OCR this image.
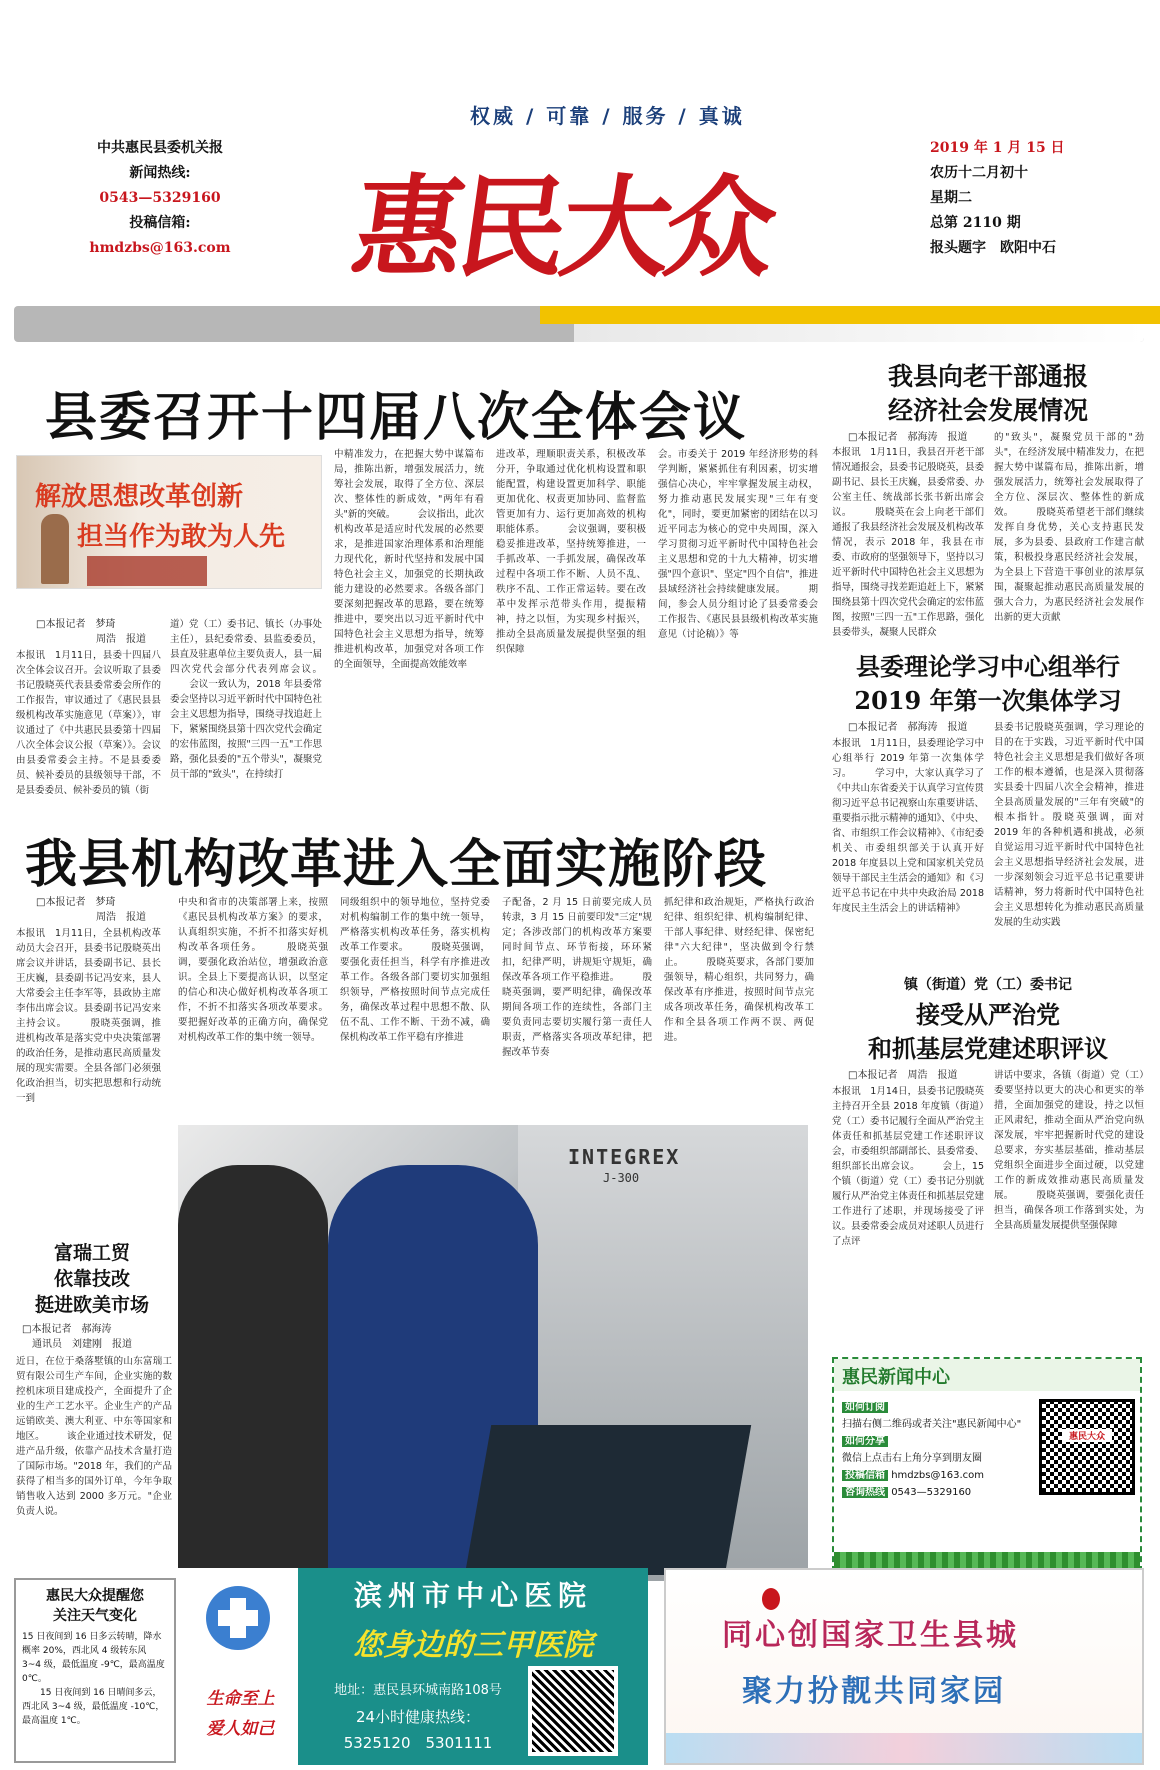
权威 / 可靠 / 服务 / 真诚
中共惠民县委机关报
新闻热线:
0543—5329160
投稿信箱:
hmdzbs@163.com 惠民大众
2019 年 1 月 15 日
农历十二月初十
星期二
总第 2110 期
报头题字　欧阳中石
县委召开十四届八次全体会议
解放思想改革创新
担当作为敢为人先
□本报记者　梦琦
　　　　　　周浩　报道
本报讯　1月11日，县委十四届八次全体会议召开。会议听取了县委书记殷晓英代表县委常委会所作的工作报告，审议通过了《惠民县县级机构改革实施意见（草案）》，审议通过了《中共惠民县委第十四届八次全体会议公报（草案）》。会议由县委常委会主持。不是县委委员、候补委员的县级领导干部，不是县委委员、候补委员的镇（街
道）党（工）委书记、镇长（办事处主任），县纪委常委、县监委委员，县直及驻惠单位主要负责人，县一届四次党代会部分代表列席会议。 　　会议一致认为，2018 年县委常委会坚持以习近平新时代中国特色社会主义思想为指导，围绕寻找追赶上下，紧紧围绕县第十四次党代会确定的宏伟蓝图，按照"三四一五"工作思路，强化县委的"五个带头"，凝聚党员干部的"致头"，在持续打
中精准发力，在把握大势中谋篇布局，推陈出新，增强发展活力，统筹社会发展，取得了全方位、深层次、整体性的新成效，"两年有看头"新的突破。 　　会议指出，此次机构改革是适应时代发展的必然要求，是推进国家治理体系和治理能力现代化，新时代坚持和发展中国特色社会主义，加强党的长期执政能力建设的必然要求。各级各部门要深刻把握改革的思路，要在统筹推进中，要突出以习近平新时代中国特色社会主义思想为指导，统筹推进机构改革，加强党对各项工作的全面领导，全面提高效能效率
进改革，理顺职责关系，积极改革分开，争取通过优化机构设置和职能配置，构建设置更加科学、职能更加优化、权责更加协同、监督监管更加有力、运行更加高效的机构职能体系。 　　会议强调，要积极稳妥推进改革，坚持统筹推进，一手抓改革、一手抓发展，确保改革过程中各项工作不断、人员不乱、秩序不乱、工作正常运转。要在改革中发挥示范带头作用，提振精神，持之以恒，为实现乡村振兴，推动全县高质量发展提供坚强的组织保障
会。市委关于 2019 年经济形势的科学判断，紧紧抓住有利因素，切实增强信心决心，牢牢掌握发展主动权，努力推动惠民发展实现"三年有变化"，同时，要更加紧密的团结在以习近平同志为核心的党中央周围，深入学习贯彻习近平新时代中国特色社会主义思想和党的十九大精神，切实增强"四个意识"、坚定"四个自信"，推进县域经济社会持续健康发展。 　　期间，参会人员分组讨论了县委常委会工作报告、《惠民县县级机构改革实施意见（讨论稿）》等
我县机构改革进入全面实施阶段
□本报记者　梦琦
　　　　　　周浩　报道
本报讯　1月11日，全县机构改革动员大会召开，县委书记殷晓英出席会议并讲话，县委副书记、县长王庆巍，县委副书记冯安来，县人大常委会主任李军等，县政协主席李伟出席会议。县委副书记冯安来主持会议。 　　殷晓英强调，推进机构改革是落实党中央决策部署的政治任务，是推动惠民高质量发展的现实需要。全县各部门必须强化政治担当，切实把思想和行动统一到
中央和省市的决策部署上来，按照《惠民县机构改革方案》的要求，认真组织实施，不折不扣落实好机构改革各项任务。 　　殷晓英强调，要强化政治站位，增强政治意识。全县上下要提高认识，以坚定的信心和决心做好机构改革各项工作，不折不扣落实各项改革要求。要把握好改革的正确方向，确保党对机构改革工作的集中统一领导。
同级组织中的领导地位，坚持党委对机构编制工作的集中统一领导，严格落实机构改革任务，落实机构改革工作要求。 　　殷晓英强调，要强化责任担当，科学有序推进改革工作。各级各部门要切实加强组织领导，严格按照时间节点完成任务，确保改革过程中思想不散、队伍不乱、工作不断、干劲不减，确保机构改革工作平稳有序推进
子配备，2 月 15 日前要完成人员转隶，3 月 15 日前要印发"三定"规定；各涉改部门的机构改革方案要同时间节点、环节衔接，环环紧扣，纪律严明，讲规矩守规矩，确保改革各项工作平稳推进。 　　殷晓英强调，要严明纪律，确保改革期间各项工作的连续性，各部门主要负责同志要切实履行第一责任人职责，严格落实各项改革纪律，把握改革节奏
抓纪律和政治规矩，严格执行政治纪律、组织纪律、机构编制纪律、干部人事纪律、财经纪律、保密纪律"六大纪律"，坚决做到令行禁止。 　　殷晓英要求，各部门要加强领导，精心组织，共同努力，确保改革有序推进，按照时间节点完成各项改革任务，确保机构改革工作和全县各项工作两不误、两促进。
我县向老干部通报
经济社会发展情况
□本报记者　郝海涛　报道
本报讯　1月11日，我县召开老干部情况通报会，县委书记殷晓英，县委副书记、县长王庆巍，县委常委、办公室主任、统战部长张书新出席会议。 　　殷晓英在会上向老干部们通报了我县经济社会发展及机构改革情况，表示 2018 年，我县在市委、市政府的坚强领导下，坚持以习近平新时代中国特色社会主义思想为指导，围绕寻找差距追赶上下，紧紧围绕县第十四次党代会确定的宏伟蓝图，按照"三四一五"工作思路，强化县委带头，凝聚人民群众
的"致头"，凝聚党员干部的"劲头"，在经济发展中精准发力，在把握大势中谋篇布局，推陈出新，增强发展活力，统筹社会发展取得了全方位、深层次、整体性的新成效。 　　殷晓英希望老干部们继续发挥自身优势，关心支持惠民发展，多为县委、县政府工作建言献策，积极投身惠民经济社会发展，为全县上下营造干事创业的浓厚氛围，凝聚起推动惠民高质量发展的强大合力，为惠民经济社会发展作出新的更大贡献
县委理论学习中心组举行
2019 年第一次集体学习
□本报记者　郝海涛　报道
本报讯　1月11日，县委理论学习中心组举行 2019 年第一次集体学习。 　　学习中，大家认真学习了《中共山东省委关于认真学习宣传贯彻习近平总书记视察山东重要讲话、重要指示批示精神的通知》、《中央、省、市组织工作会议精神》、《市纪委机关、市委组织部关于认真开好 2018 年度县以上党和国家机关党员领导干部民主生活会的通知》和《习近平总书记在中共中央政治局 2018 年度民主生活会上的讲话精神》
县委书记殷晓英强调，学习理论的目的在于实践，习近平新时代中国特色社会主义思想是我们做好各项工作的根本遵循，也是深入贯彻落实县委十四届八次全会精神，推进全县高质量发展的"三年有突破"的根本指针。殷晓英强调，面对 2019 年的各种机遇和挑战，必须自觉运用习近平新时代中国特色社会主义思想指导经济社会发展，进一步深刻领会习近平总书记重要讲话精神，努力将新时代中国特色社会主义思想转化为推动惠民高质量发展的生动实践
镇（街道）党（工）委书记
接受从严治党
和抓基层党建述职评议
□本报记者　周浩　报道
本报讯　1月14日，县委书记殷晓英主持召开全县 2018 年度镇（街道）党（工）委书记履行全面从严治党主体责任和抓基层党建工作述职评议会，市委组织部副部长、县委常委、组织部长出席会议。 　　会上，15 个镇（街道）党（工）委书记分别就履行从严治党主体责任和抓基层党建工作进行了述职，并现场接受了评议。县委常委会成员对述职人员进行了点评
讲话中要求，各镇（街道）党（工）委要坚持以更大的决心和更实的举措，全面加强党的建设，持之以恒正风肃纪，推动全面从严治党向纵深发展，牢牢把握新时代党的建设总要求，夯实基层基础，推动基层党组织全面进步全面过硬，以党建工作的新成效推动惠民高质量发展。 　　殷晓英强调，要强化责任担当，确保各项工作落到实处，为全县高质量发展提供坚强保障
INTEGREX
J-300
富瑞工贸
依靠技改
挺进欧美市场
□本报记者　郝海涛
　通讯员　刘建刚　报道
近日，在位于桑落墅镇的山东富瑞工贸有限公司生产车间，企业实施的数控机床项目建成投产，全面提升了企业的生产工艺水平。企业生产的产品远销欧美、澳大利亚、中东等国家和地区。 　　该企业通过技术研发，促进产品升级，依靠产品技术含量打造了国际市场。"2018 年，我们的产品获得了相当多的国外订单，今年争取销售收入达到 2000 多万元。"企业负责人说。
惠民新闻中心
如何订阅
扫描右侧二维码或者关注"惠民新闻中心"
如何分享
微信上点击右上角分享到朋友圈
投稿信箱 hmdzbs@163.com
咨询热线 0543—5329160
惠民大众
惠民大众提醒您
关注天气变化
15 日夜间到 16 日多云转晴，降水概率 20%，西北风 4 级转东风 3~4 级，最低温度 -9℃，最高温度 0℃。
　　15 日夜间到 16 日晴间多云，西北风 3~4 级，最低温度 -10℃，最高温度 1℃。
生命至上
爱人如己
滨州市中心医院
您身边的三甲医院
地址：惠民县环城南路108号
24小时健康热线：
5325120　5301111
同心创国家卫生县城
聚力扮靓共同家园
